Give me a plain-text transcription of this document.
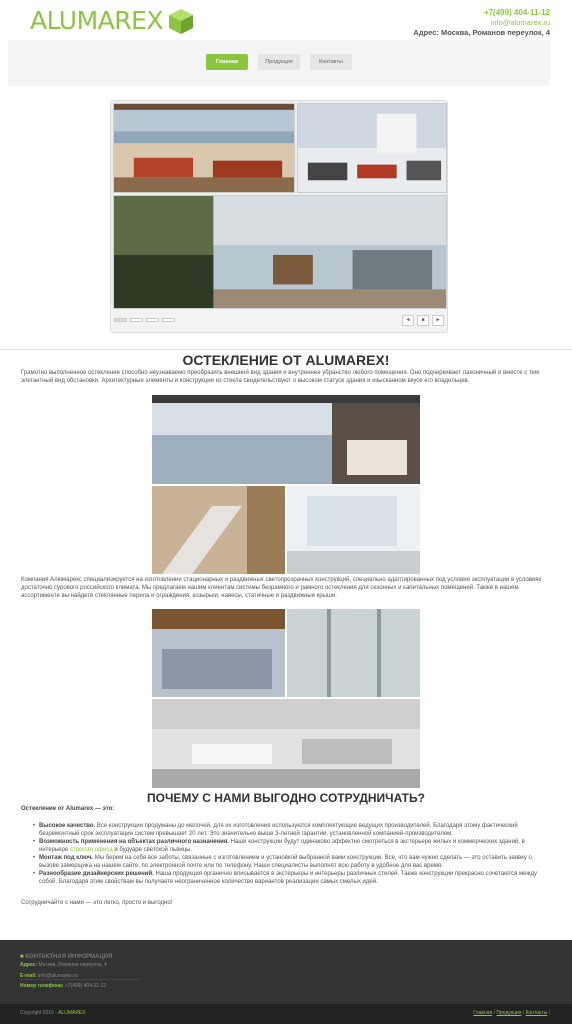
ALUMAREX	+7(499) 404-11-12
info@alumarex.ru
Адрес: Москва, Романов переулок, 4
Главная	Продукция	Контакты
◄	■	►
ОСТЕКЛЕНИЕ ОТ ALUMAREX!

Грамотно выполненное остекление способно неузнаваемо преобразить внешний вид здания и внутреннее убранство любого помещения. Оно подчеркивает лаконичный и вместе с тем элегантный вид обстановки. Архитектурные элементы и конструкции из стекла свидетельствуют о высоком статусе здания и изысканном вкусе его владельцев.

Компания Алюмарекс специализируется на изготовлении стационарных и раздвижных светопрозрачных конструкций, специально адаптированных под условия эксплуатации в условиях достаточно сурового российского климата. Мы предлагаем нашим клиентам системы безрамного и рамного остекления для сезонных и капитальных помещений. Также в нашем ассортименте вы найдете стеклянные перила и ограждения, козырьки, навесы, статичные и раздвижные крыши.

ПОЧЕМУ С НАМИ ВЫГОДНО СОТРУДНИЧАТЬ?
Остекление от Alumarex — это:
• Высокое качество. Все конструкции продуманы до мелочей, для их изготовления используются комплектующие ведущих производителей. Благодаря этому фактический безремонтный срок эксплуатации систем превышает 20 лет. Это значительно выше 3-летней гарантии, установленной компанией-производителем.
• Возможность применения на объектах различного назначения. Наши конструкции будут одинаково эффектно смотреться в экстерьере жилых и коммерческих зданий, в интерьере строгого офиса и будуаре светской львицы.
• Монтаж под ключ. Мы берем на себя все заботы, связанные с изготовлением и установкой выбранной вами конструкции. Все, что вам нужно сделать — это оставить заявку о вызове замерщика на нашем сайте, по электронной почте или по телефону. Наши специалисты выполнят всю работу в удобное для вас время.
• Разнообразие дизайнерских решений. Наша продукция органично вписывается в экстерьеры и интерьеры различных стилей. Также конструкции прекрасно сочетаются между собой. Благодаря этим свойствам вы получаете неограниченное количество вариантов реализации самых смелых идей.
Сотрудничайте с нами — это легко, просто и выгодно!
■ КОНТАКТНАЯ ИНФОРМАЦИЯ
Адрес: Москва, Романов переулок, 4
E-mail: info@alumarex.ru
Номер телефона: +7(499) 404-11-12
Copyright 2015 - ALUMAREX	Главная / Продукция / Контакты /
